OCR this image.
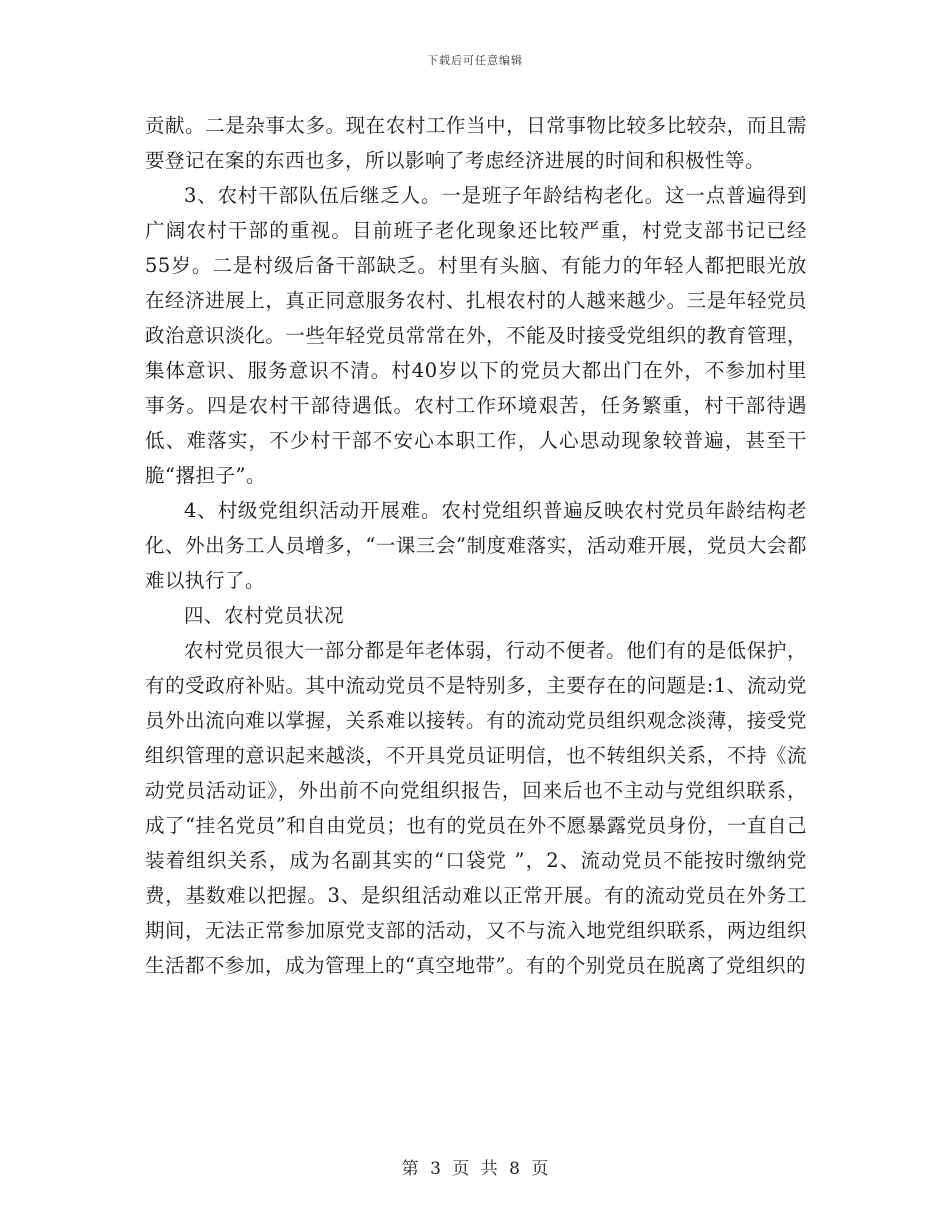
下载后可任意编辑

贡献。二是杂事太多。现在农村工作当中，日常事物比较多比较杂，而且需要登记在案的东西也多，所以影响了考虑经济进展的时间和积极性等。

3、农村干部队伍后继乏人。一是班子年龄结构老化。这一点普遍得到广阔农村干部的重视。目前班子老化现象还比较严重，村党支部书记已经55岁。二是村级后备干部缺乏。村里有头脑、有能力的年轻人都把眼光放在经济进展上，真正同意服务农村、扎根农村的人越来越少。三是年轻党员政治意识淡化。一些年轻党员常常在外，不能及时接受党组织的教育管理，集体意识、服务意识不清。村40岁以下的党员大都出门在外，不参加村里事务。四是农村干部待遇低。农村工作环境艰苦，任务繁重，村干部待遇低、难落实，不少村干部不安心本职工作，人心思动现象较普遍，甚至干脆“撂担子”。

4、村级党组织活动开展难。农村党组织普遍反映农村党员年龄结构老化、外出务工人员增多，“一课三会”制度难落实，活动难开展，党员大会都难以执行了。

四、农村党员状况

农村党员很大一部分都是年老体弱，行动不便者。他们有的是低保护，有的受政府补贴。其中流动党员不是特别多，主要存在的问题是:1、流动党员外出流向难以掌握，关系难以接转。有的流动党员组织观念淡薄，接受党组织管理的意识起来越淡，不开具党员证明信，也不转组织关系，不持《流动党员活动证》，外出前不向党组织报告，回来后也不主动与党组织联系，成了“挂名党员”和自由党员；也有的党员在外不愿暴露党员身份，一直自己装着组织关系，成为名副其实的“口袋党 ”，2、流动党员不能按时缴纳党费，基数难以把握。3、是织组活动难以正常开展。有的流动党员在外务工期间，无法正常参加原党支部的活动，又不与流入地党组织联系，两边组织生活都不参加，成为管理上的“真空地带”。有的个别党员在脱离了党组织的

第 3 页 共 8 页
